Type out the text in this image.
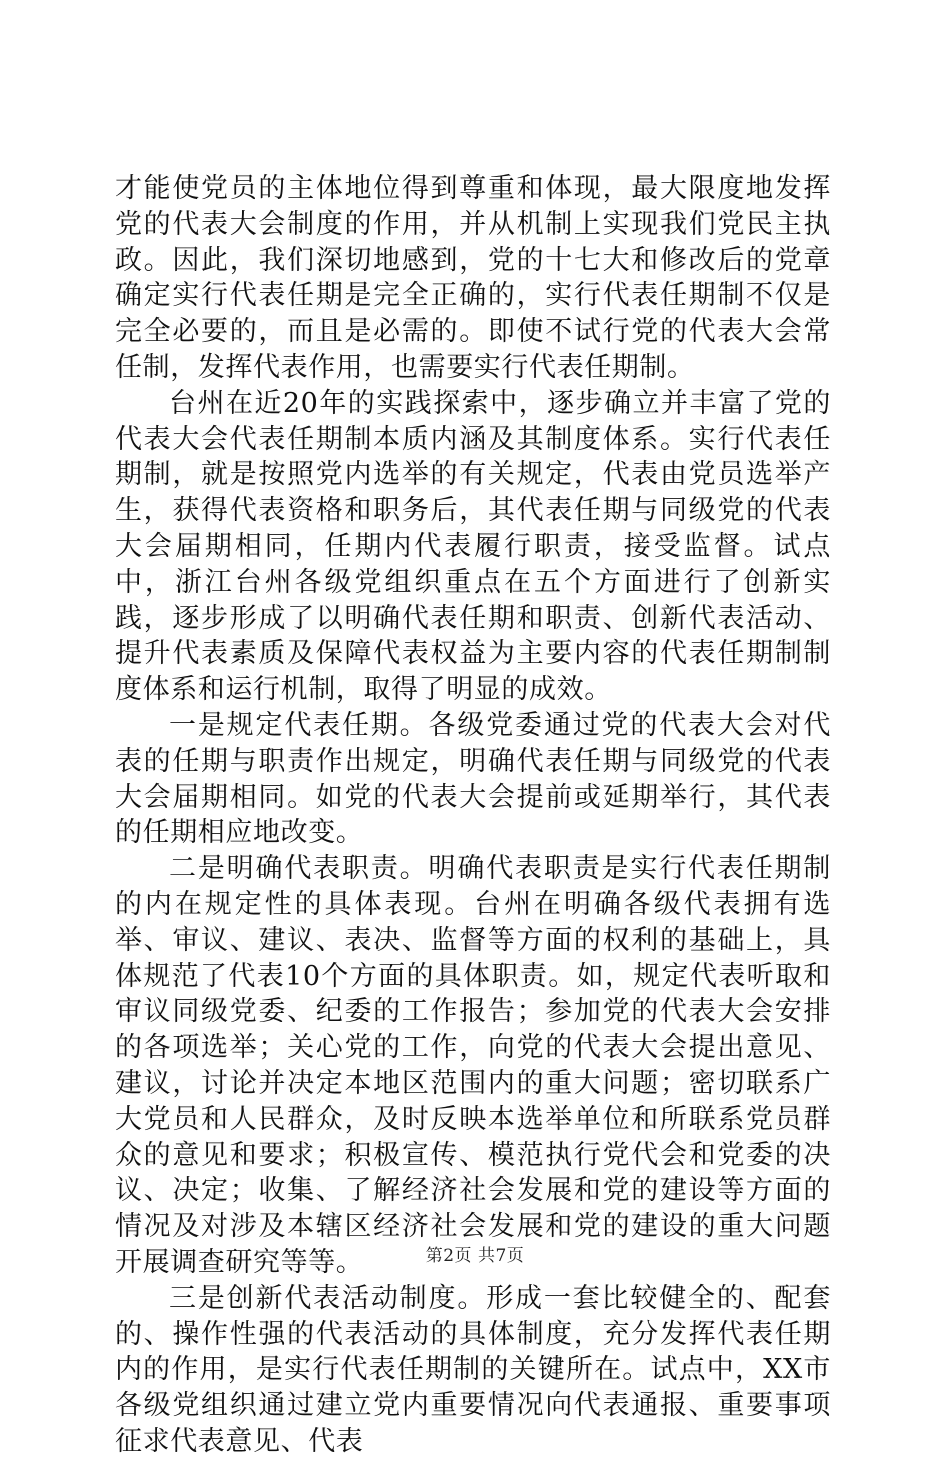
才能使党员的主体地位得到尊重和体现，最大限度地发挥党的代表大会制度的作用，并从机制上实现我们党民主执政。因此，我们深切地感到，党的十七大和修改后的党章确定实行代表任期是完全正确的，实行代表任期制不仅是完全必要的，而且是必需的。即使不试行党的代表大会常任制，发挥代表作用，也需要实行代表任期制。

台州在近20年的实践探索中，逐步确立并丰富了党的代表大会代表任期制本质内涵及其制度体系。实行代表任期制，就是按照党内选举的有关规定，代表由党员选举产生，获得代表资格和职务后，其代表任期与同级党的代表大会届期相同，任期内代表履行职责，接受监督。试点中，浙江台州各级党组织重点在五个方面进行了创新实践，逐步形成了以明确代表任期和职责、创新代表活动、提升代表素质及保障代表权益为主要内容的代表任期制制度体系和运行机制，取得了明显的成效。

一是规定代表任期。各级党委通过党的代表大会对代表的任期与职责作出规定，明确代表任期与同级党的代表大会届期相同。如党的代表大会提前或延期举行，其代表的任期相应地改变。

二是明确代表职责。明确代表职责是实行代表任期制的内在规定性的具体表现。台州在明确各级代表拥有选举、审议、建议、表决、监督等方面的权利的基础上，具体规范了代表10个方面的具体职责。如，规定代表听取和审议同级党委、纪委的工作报告；参加党的代表大会安排的各项选举；关心党的工作，向党的代表大会提出意见、建议，讨论并决定本地区范围内的重大问题；密切联系广大党员和人民群众，及时反映本选举单位和所联系党员群众的意见和要求；积极宣传、模范执行党代会和党委的决议、决定；收集、了解经济社会发展和党的建设等方面的情况及对涉及本辖区经济社会发展和党的建设的重大问题开展调查研究等等。

三是创新代表活动制度。形成一套比较健全的、配套的、操作性强的代表活动的具体制度，充分发挥代表任期内的作用，是实行代表任期制的关键所在。试点中，XX市各级党组织通过建立党内重要情况向代表通报、重要事项征求代表意见、代表

第2页 共7页
